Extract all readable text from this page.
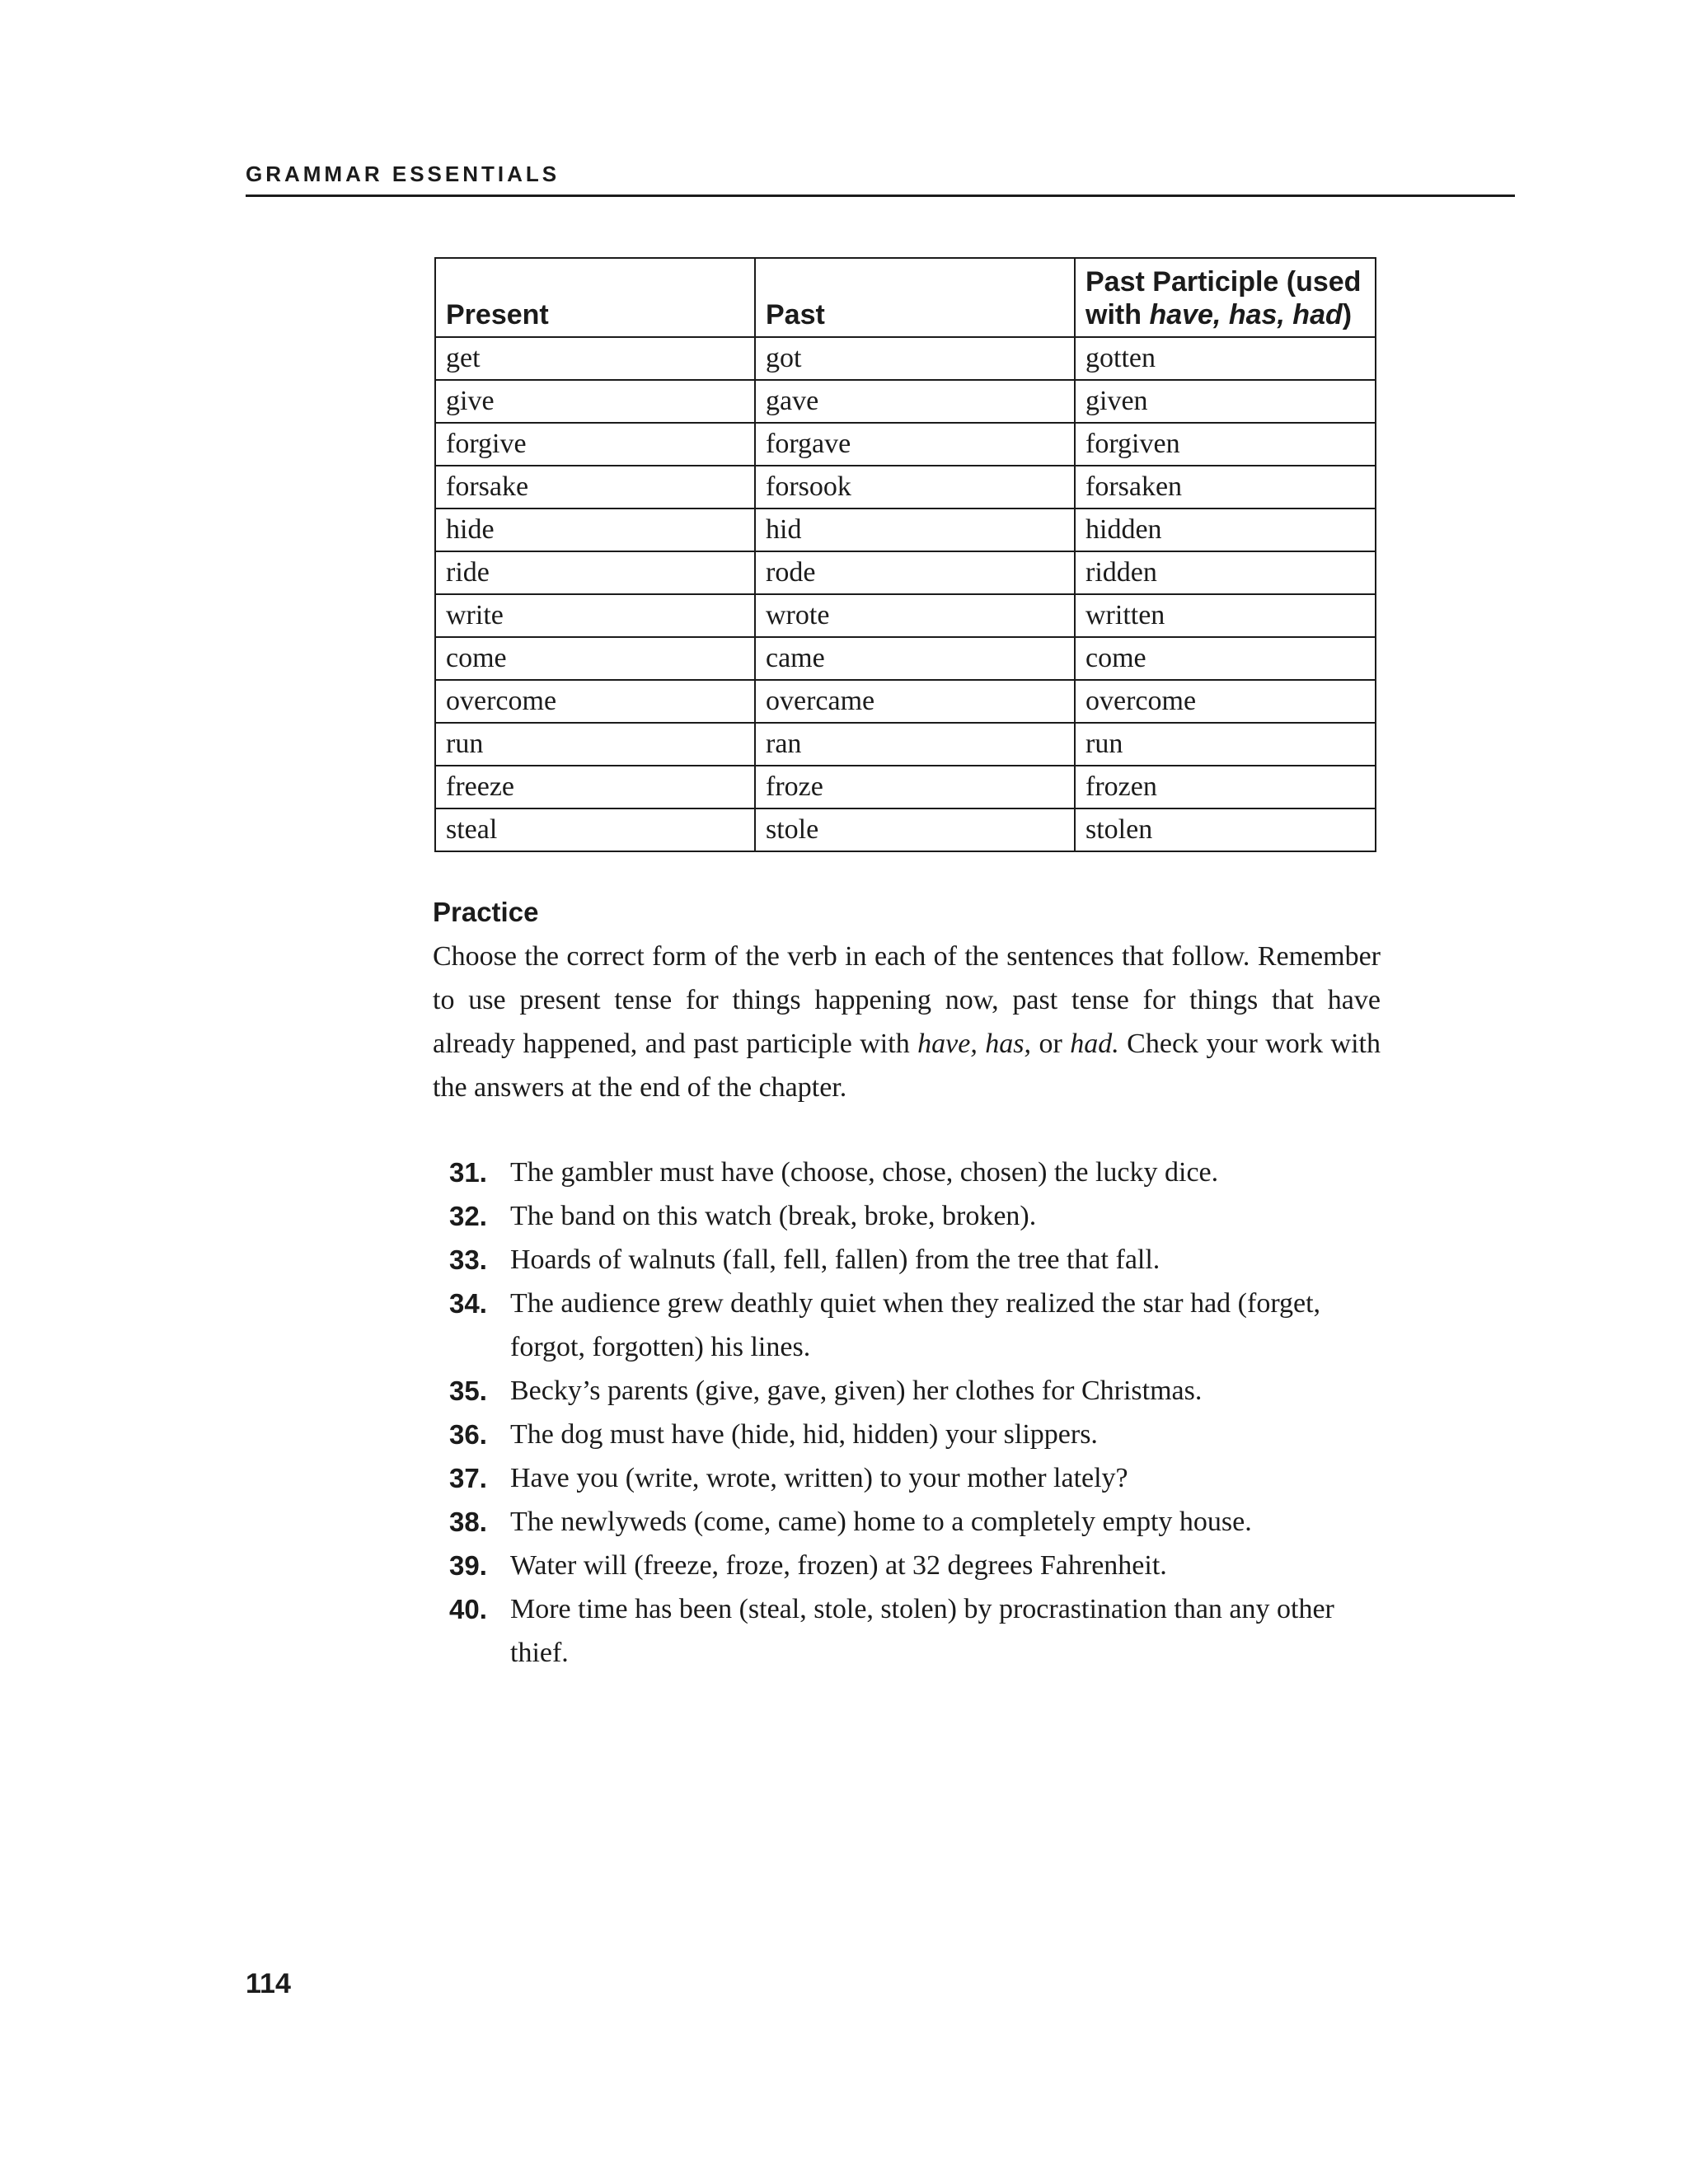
GRAMMAR ESSENTIALS
Present	Past	Past Participle (used
with have, has, had)
get	got	gotten
give	gave	given
forgive	forgave	forgiven
forsake	forsook	forsaken
hide	hid	hidden
ride	rode	ridden
write	wrote	written
come	came	come
overcome	overcame	overcome
run	ran	run
freeze	froze	frozen
steal	stole	stolen
Practice

Choose the correct form of the verb in each of the sentences that follow. Remember to use present tense for things happening now, past tense for things that have already happened, and past participle with have, has, or had. Check your work with the answers at the end of the chapter.

31. The gambler must have (choose, chose, chosen) the lucky dice.
32. The band on this watch (break, broke, broken).
33. Hoards of walnuts (fall, fell, fallen) from the tree that fall.
34. The audience grew deathly quiet when they realized the star had (forget, forgot, forgotten) his lines.
35. Becky’s parents (give, gave, given) her clothes for Christmas.
36. The dog must have (hide, hid, hidden) your slippers.
37. Have you (write, wrote, written) to your mother lately?
38. The newlyweds (come, came) home to a completely empty house.
39. Water will (freeze, froze, frozen) at 32 degrees Fahrenheit.
40. More time has been (steal, stole, stolen) by procrastination than any other thief.
114
